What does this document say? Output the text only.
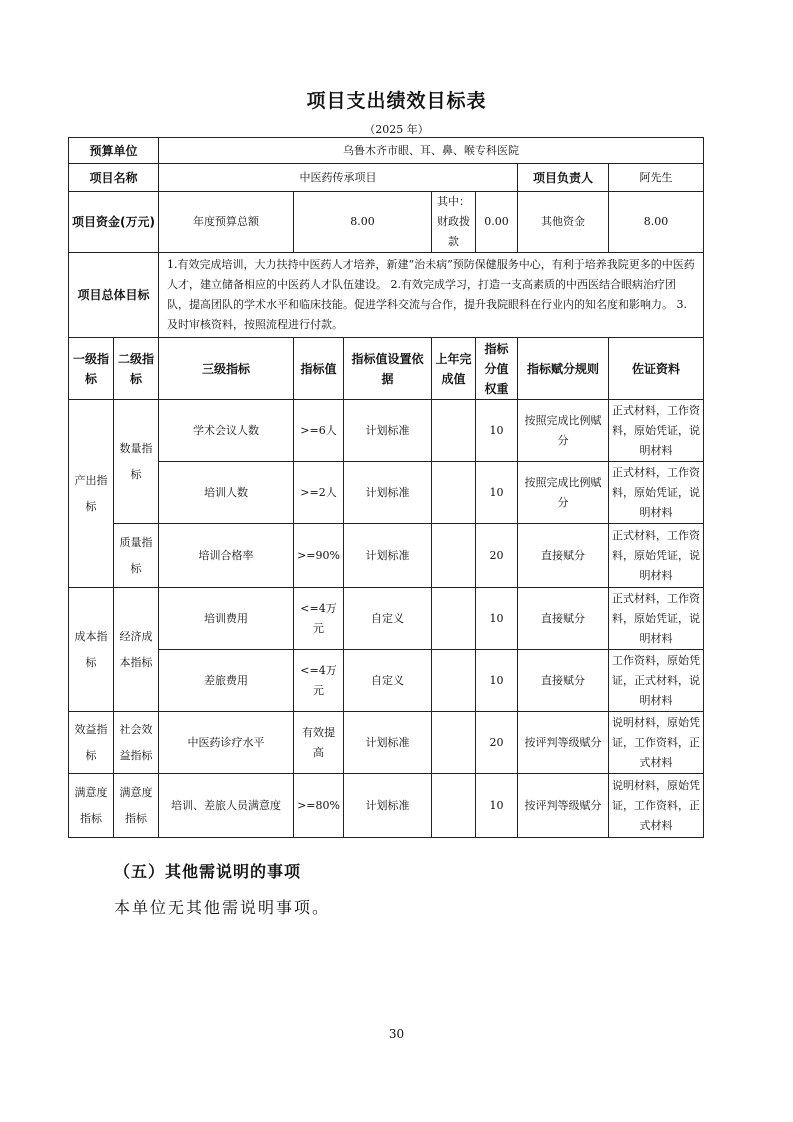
项目支出绩效目标表
（2025 年）
预算单位		乌鲁木齐市眼、耳、鼻、喉专科医院						
项目名称		中医药传承项目					项目负责人	阿先生
项目资金(万元)		年度预算总额	8.00		其中：财政拨款	0.00	其他资金	8.00
项目总体目标		1.有效完成培训，大力扶持中医药人才培养，新建“治未病”预防保健服务中心，有利于培养我院更多的中医药人才，建立储备相应的中医药人才队伍建设。 2.有效完成学习，打造一支高素质的中西医结合眼病治疗团队，提高团队的学术水平和临床技能。促进学科交流与合作，提升我院眼科在行业内的知名度和影响力。 3.及时审核资料，按照流程进行付款。						
一级指标	二级指标	三级指标	指标值	指标值设置依据	上年完成值	指标分值权重	指标赋分规则	佐证资料
产出指标	数量指标	学术会议人数	>=6人	计划标准		10	按照完成比例赋分	正式材料，工作资料，原始凭证，说明材料
		培训人数	>=2人	计划标准		10	按照完成比例赋分	正式材料，工作资料，原始凭证，说明材料
	质量指标	培训合格率	>=90%	计划标准		20	直接赋分	正式材料，工作资料，原始凭证，说明材料
成本指标	经济成本指标	培训费用	<=4万元	自定义		10	直接赋分	正式材料，工作资料，原始凭证，说明材料
		差旅费用	<=4万元	自定义		10	直接赋分	工作资料，原始凭证，正式材料，说明材料
效益指标	社会效益指标	中医药诊疗水平	有效提高	计划标准		20	按评判等级赋分	说明材料，原始凭证，工作资料，正式材料
满意度指标	满意度指标	培训、差旅人员满意度	>=80%	计划标准		10	按评判等级赋分	说明材料，原始凭证，工作资料，正式材料
（五）其他需说明的事项
本单位无其他需说明事项。
30
